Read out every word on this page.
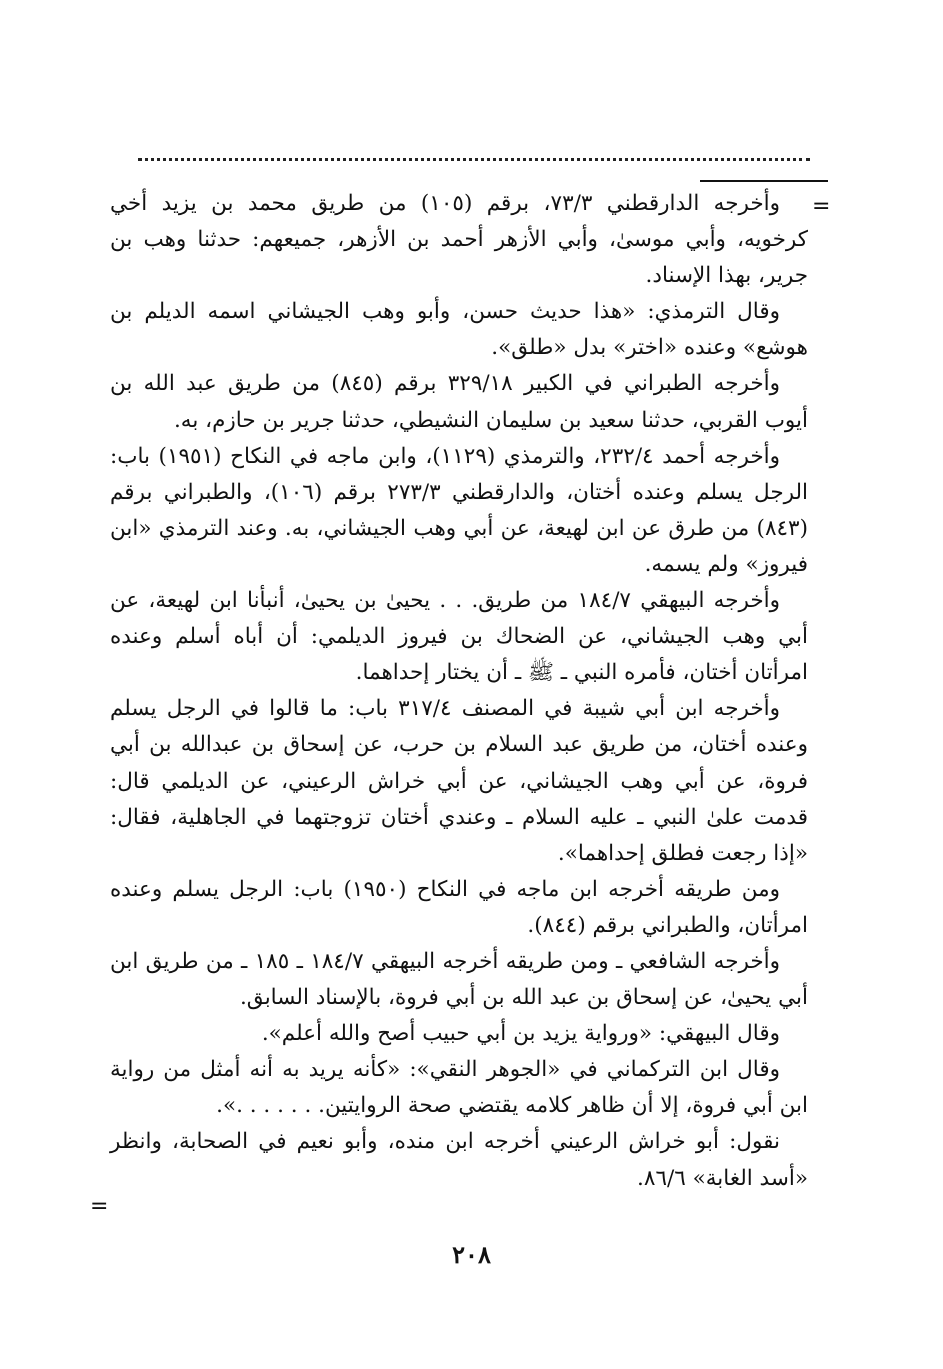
=

وأخرجه الدارقطني ٧٣/٣، برقم (١٠٥) من طريق محمد بن يزيد أخي كرخويه، وأبي موسىٰ، وأبي الأزهر أحمد بن الأزهر، جميعهم: حدثنا وهب بن جرير، بهذا الإسناد.

وقال الترمذي: «هذا حديث حسن، وأبو وهب الجيشاني اسمه الديلم بن هوشع» وعنده «اختر» بدل «طلق».

وأخرجه الطبراني في الكبير ٣٢٩/١٨ برقم (٨٤٥) من طريق عبد الله بن أيوب القربي، حدثنا سعيد بن سليمان النشيطي، حدثنا جرير بن حازم، به.

وأخرجه أحمد ٢٣٢/٤، والترمذي (١١٢٩)، وابن ماجه في النكاح (١٩٥١) باب: الرجل يسلم وعنده أختان، والدارقطني ٢٧٣/٣ برقم (١٠٦)، والطبراني برقم (٨٤٣) من طرق عن ابن لهيعة، عن أبي وهب الجيشاني، به. وعند الترمذي «ابن فيروز» ولم يسمه.

وأخرجه البيهقي ١٨٤/٧ من طريق. . . يحيىٰ بن يحيىٰ، أنبأنا ابن لهيعة، عن أبي وهب الجيشاني، عن الضحاك بن فيروز الديلمي: أن أباه أسلم وعنده امرأتان أختان، فأمره النبي ـ ﷺ ـ أن يختار إحداهما.

وأخرجه ابن أبي شيبة في المصنف ٣١٧/٤ باب: ما قالوا في الرجل يسلم وعنده أختان، من طريق عبد السلام بن حرب، عن إسحاق بن عبدالله بن أبي فروة، عن أبي وهب الجيشاني، عن أبي خراش الرعيني، عن الديلمي قال: قدمت علىٰ النبي ـ عليه السلام ـ وعندي أختان تزوجتهما في الجاهلية، فقال: «إذا رجعت فطلق إحداهما».

ومن طريقه أخرجه ابن ماجه في النكاح (١٩٥٠) باب: الرجل يسلم وعنده امرأتان، والطبراني برقم (٨٤٤).

وأخرجه الشافعي ـ ومن طريقه أخرجه البيهقي ١٨٤/٧ ـ ١٨٥ ـ من طريق ابن أبي يحيىٰ، عن إسحاق بن عبد الله بن أبي فروة، بالإسناد السابق.

وقال البيهقي: «ورواية يزيد بن أبي حبيب أصح والله أعلم».

وقال ابن التركماني في «الجوهر النقي»: «كأنه يريد به أنه أمثل من رواية ابن أبي فروة، إلا أن ظاهر كلامه يقتضي صحة الروايتين. . . . . . .».

نقول: أبو خراش الرعيني أخرجه ابن منده، وأبو نعيم في الصحابة، وانظر «أسد الغابة» ٨٦/٦.

=
٢٠٨
